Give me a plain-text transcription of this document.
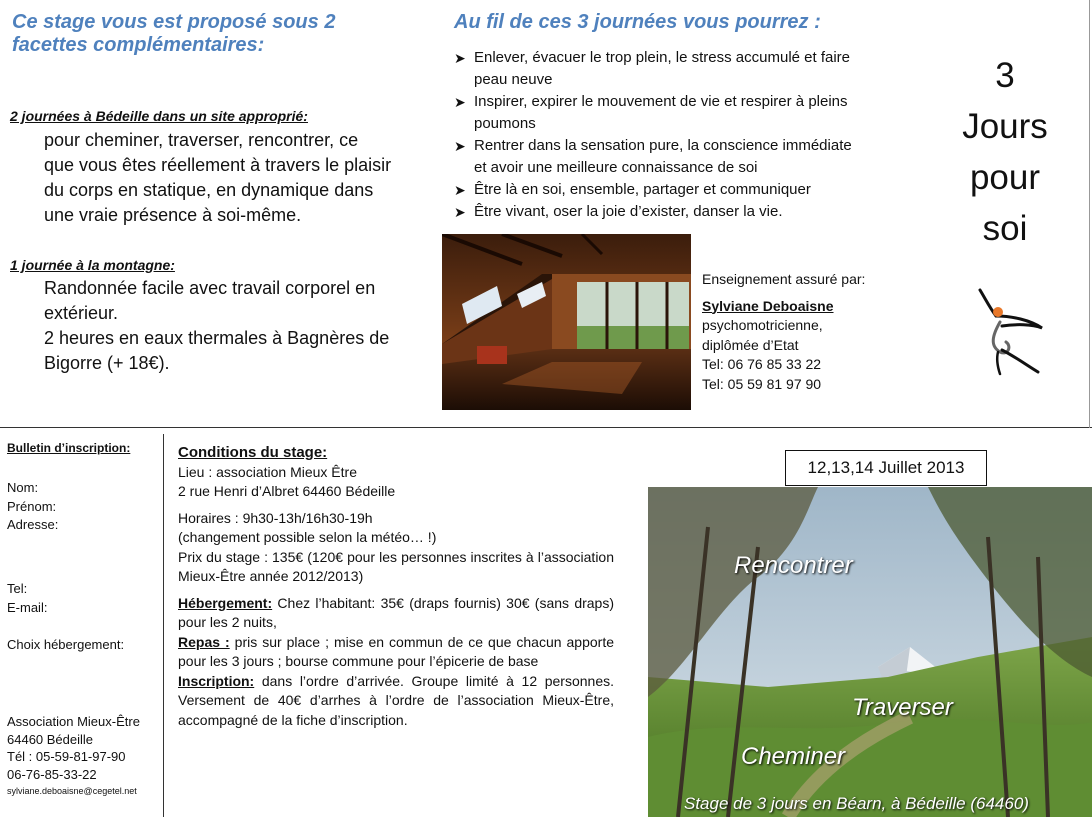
Ce stage vous est proposé sous 2
facettes complémentaires:
2 journées à Bédeille dans un site approprié:
pour cheminer, traverser, rencontrer, ce
que vous êtes réellement à travers le plaisir
du corps en statique, en dynamique dans
une vraie présence à soi-même.
1 journée à la montagne:
Randonnée facile avec travail corporel en
extérieur.
2 heures en eaux thermales à Bagnères de
Bigorre (+ 18€).
Au fil de ces 3 journées vous pourrez :
➤ Enlever, évacuer le trop plein, le stress accumulé et faire
peau neuve
➤ Inspirer, expirer le mouvement de vie et respirer à pleins
poumons
➤ Rentrer dans la sensation pure, la conscience immédiate
et avoir une meilleure connaissance de soi
➤ Être là en soi, ensemble, partager et communiquer
➤ Être vivant, oser la joie d’exister, danser la vie.
Enseignement assuré par:
Sylviane Deboaisne
psychomotricienne,
diplômée d’Etat
Tel: 06 76 85 33 22
Tel: 05 59 81 97 90
3
Jours
pour
soi
Bulletin d’inscription:
Nom:
Prénom:
Adresse:
Tel:
E-mail:
Choix hébergement:
Association Mieux-Être
64460 Bédeille
Tél : 05-59-81-97-90
06-76-85-33-22
sylviane.deboaisne@cegetel.net
Conditions du stage:
Lieu : association Mieux Être
2 rue Henri d’Albret 64460 Bédeille
Horaires : 9h30-13h/16h30-19h
(changement possible selon la météo… !)
Prix du stage : 135€ (120€ pour les personnes inscrites à l’association Mieux-Être année 2012/2013)
Hébergement: Chez l’habitant: 35€ (draps fournis) 30€ (sans draps) pour les 2 nuits,
Repas : pris sur place ; mise en commun de ce que chacun apporte pour les 3 jours ; bourse commune pour l’épicerie de base
Inscription: dans l’ordre d’arrivée. Groupe limité à 12 personnes. Versement de 40€ d’arrhes à l’ordre de l’association Mieux-Être, accompagné de la fiche d’inscription.
12,13,14 Juillet 2013
Rencontrer
Traverser
Cheminer
Stage de 3 jours en Béarn, à Bédeille (64460)
